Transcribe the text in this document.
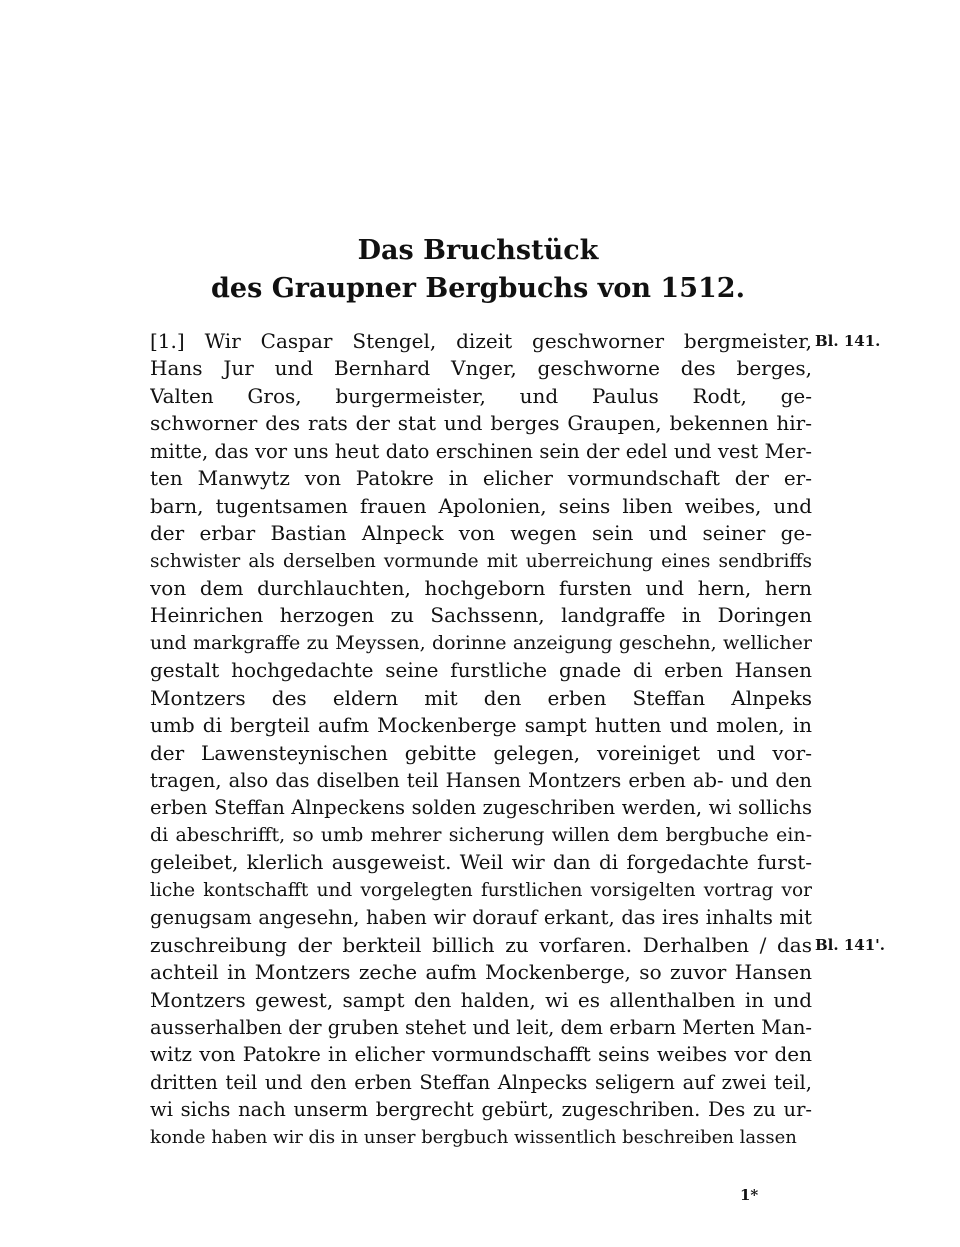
Das Bruchstück
des Graupner Bergbuchs von 1512.
[1.] Wir Caspar Stengel, dizeit geschworner bergmeister,
Hans Jur und Bernhard Vnger, geschworne des berges,
Valten Gros, burgermeister, und Paulus Rodt, ge-
schworner des rats der stat und berges Graupen, bekennen hir-
mitte, das vor uns heut dato erschinen sein der edel und vest Mer-
ten Manwytz von Patokre in elicher vormundschaft der er-
barn, tugentsamen frauen Apolonien, seins liben weibes, und
der erbar Bastian Alnpeck von wegen sein und seiner ge-
schwister als derselben vormunde mit uberreichung eines sendbriffs
von dem durchlauchten, hochgeborn fursten und hern, hern
Heinrichen herzogen zu Sachssenn, landgraffe in Doringen
und markgraffe zu Meyssen, dorinne anzeigung geschehn, wellicher
gestalt hochgedachte seine furstliche gnade di erben Hansen
Montzers des eldern mit den erben Steffan Alnpeks
umb di bergteil aufm Mockenberge sampt hutten und molen, in
der Lawensteynischen gebitte gelegen, voreiniget und vor-
tragen, also das diselben teil Hansen Montzers erben ab- und den
erben Steffan Alnpeckens solden zugeschriben werden, wi sollichs
di abeschrifft, so umb mehrer sicherung willen dem bergbuche ein-
geleibet, klerlich ausgeweist. Weil wir dan di forgedachte furst-
liche kontschafft und vorgelegten furstlichen vorsigelten vortrag vor
genugsam angesehn, haben wir dorauf erkant, das ires inhalts mit
zuschreibung der berkteil billich zu vorfaren. Derhalben / das
achteil in Montzers zeche aufm Mockenberge, so zuvor Hansen
Montzers gewest, sampt den halden, wi es allenthalben in und
ausserhalben der gruben stehet und leit, dem erbarn Merten Man-
witz von Patokre in elicher vormundschafft seins weibes vor den
dritten teil und den erben Steffan Alnpecks seligern auf zwei teil,
wi sichs nach unserm bergrecht gebürt, zugeschriben. Des zu ur-
konde haben wir dis in unser bergbuch wissentlich beschreiben lassen
Bl. 141.
Bl. 141'.
1*
